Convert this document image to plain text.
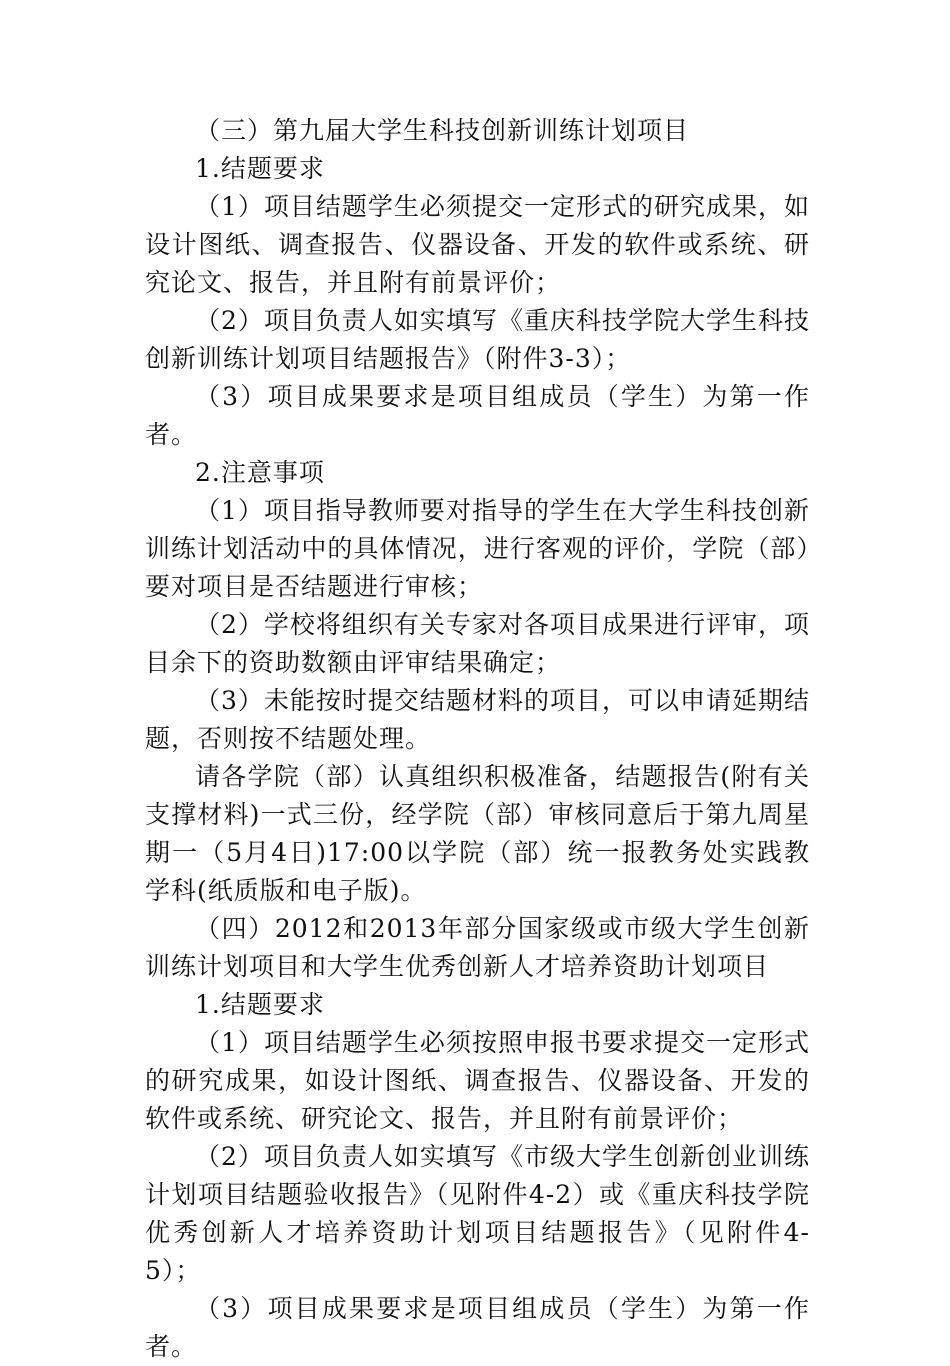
（三）第九届大学生科技创新训练计划项目

1.结题要求

（1）项目结题学生必须提交一定形式的研究成果，如设计图纸、调查报告、仪器设备、开发的软件或系统、研究论文、报告，并且附有前景评价；

（2）项目负责人如实填写《重庆科技学院大学生科技创新训练计划项目结题报告》（附件3-3）；

（3）项目成果要求是项目组成员（学生）为第一作者。

2.注意事项

（1）项目指导教师要对指导的学生在大学生科技创新训练计划活动中的具体情况，进行客观的评价，学院（部）要对项目是否结题进行审核；

（2）学校将组织有关专家对各项目成果进行评审，项目余下的资助数额由评审结果确定；

（3）未能按时提交结题材料的项目，可以申请延期结题，否则按不结题处理。

请各学院（部）认真组织积极准备，结题报告(附有关支撑材料)一式三份，经学院（部）审核同意后于第九周星期一（5月4日)17:00以学院（部）统一报教务处实践教学科(纸质版和电子版)。

（四）2012和2013年部分国家级或市级大学生创新训练计划项目和大学生优秀创新人才培养资助计划项目

1.结题要求

（1）项目结题学生必须按照申报书要求提交一定形式的研究成果，如设计图纸、调查报告、仪器设备、开发的软件或系统、研究论文、报告，并且附有前景评价；

（2）项目负责人如实填写《市级大学生创新创业训练计划项目结题验收报告》（见附件4-2）或《重庆科技学院优秀创新人才培养资助计划项目结题报告》（见附件4-5）；

（3）项目成果要求是项目组成员（学生）为第一作者。
